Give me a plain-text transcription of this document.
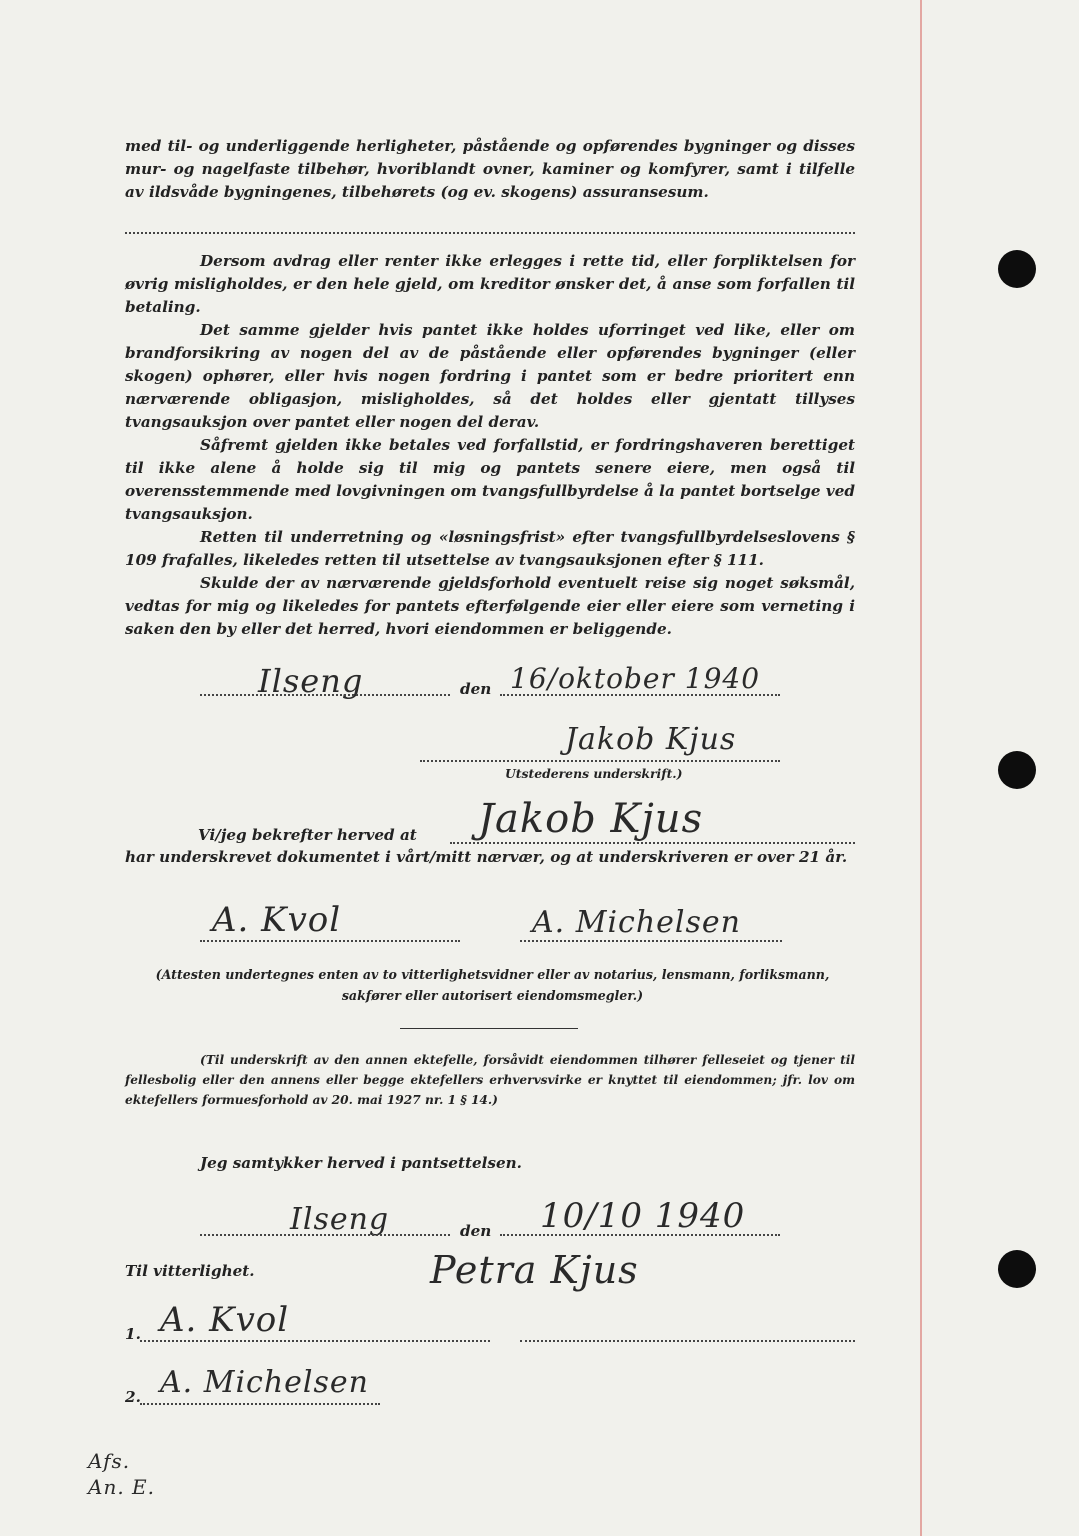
med til- og underliggende herligheter, påstående og opførendes bygninger og disses mur- og nagelfaste tilbehør, hvoriblandt ovner, kaminer og komfyrer, samt i tilfelle av ildsvåde bygningenes, tilbehørets (og ev. skogens) assuransesum.

Dersom avdrag eller renter ikke erlegges i rette tid, eller forpliktelsen for øvrig misligholdes, er den hele gjeld, om kreditor ønsker det, å anse som forfallen til betaling.

Det samme gjelder hvis pantet ikke holdes uforringet ved like, eller om brandforsikring av nogen del av de påstående eller opførendes bygninger (eller skogen) ophører, eller hvis nogen fordring i pantet som er bedre prioritert enn nærværende obligasjon, misligholdes, så det holdes eller gjentatt tillyses tvangsauksjon over pantet eller nogen del derav.

Såfremt gjelden ikke betales ved forfallstid, er fordringshaveren berettiget til ikke alene å holde sig til mig og pantets senere eiere, men også til overensstemmende med lovgivningen om tvangsfullbyrdelse å la pantet bortselge ved tvangsauksjon.

Retten til underretning og «løsningsfrist» efter tvangsfullbyrdelseslovens § 109 frafalles, likeledes retten til utsettelse av tvangsauksjonen efter § 111.

Skulde der av nærværende gjeldsforhold eventuelt reise sig noget søksmål, vedtas for mig og likeledes for pantets efterfølgende eier eller eiere som verneting i saken den by eller det herred, hvori eiendommen er beliggende.

Ilseng	den 16/oktober 1940
Jakob Kjus
Utstederens underskrift.)
Vi/jeg bekrefter herved at Jakob Kjus

har underskrevet dokumentet i vårt/mitt nærvær, og at underskriveren er over 21 år.

A. Kvol	A. Michelsen
(Attesten undertegnes enten av to vitterlighetsvidner eller av notarius, lensmann, forliksmann,
sakfører eller autorisert eiendomsmegler.)
(Til underskrift av den annen ektefelle, forsåvidt eiendommen tilhører felleseiet og tjener til fellesbolig eller den annens eller begge ektefellers erhvervsvirke er knyttet til eiendommen; jfr. lov om ektefellers formuesforhold av 20. mai 1927 nr. 1 § 14.)
Jeg samtykker herved i pantsettelsen.
Ilseng	den 10/10 1940
Til vitterlighet.	Petra Kjus
1. A. Kvol
2. A. Michelsen
Afs. An. E.
